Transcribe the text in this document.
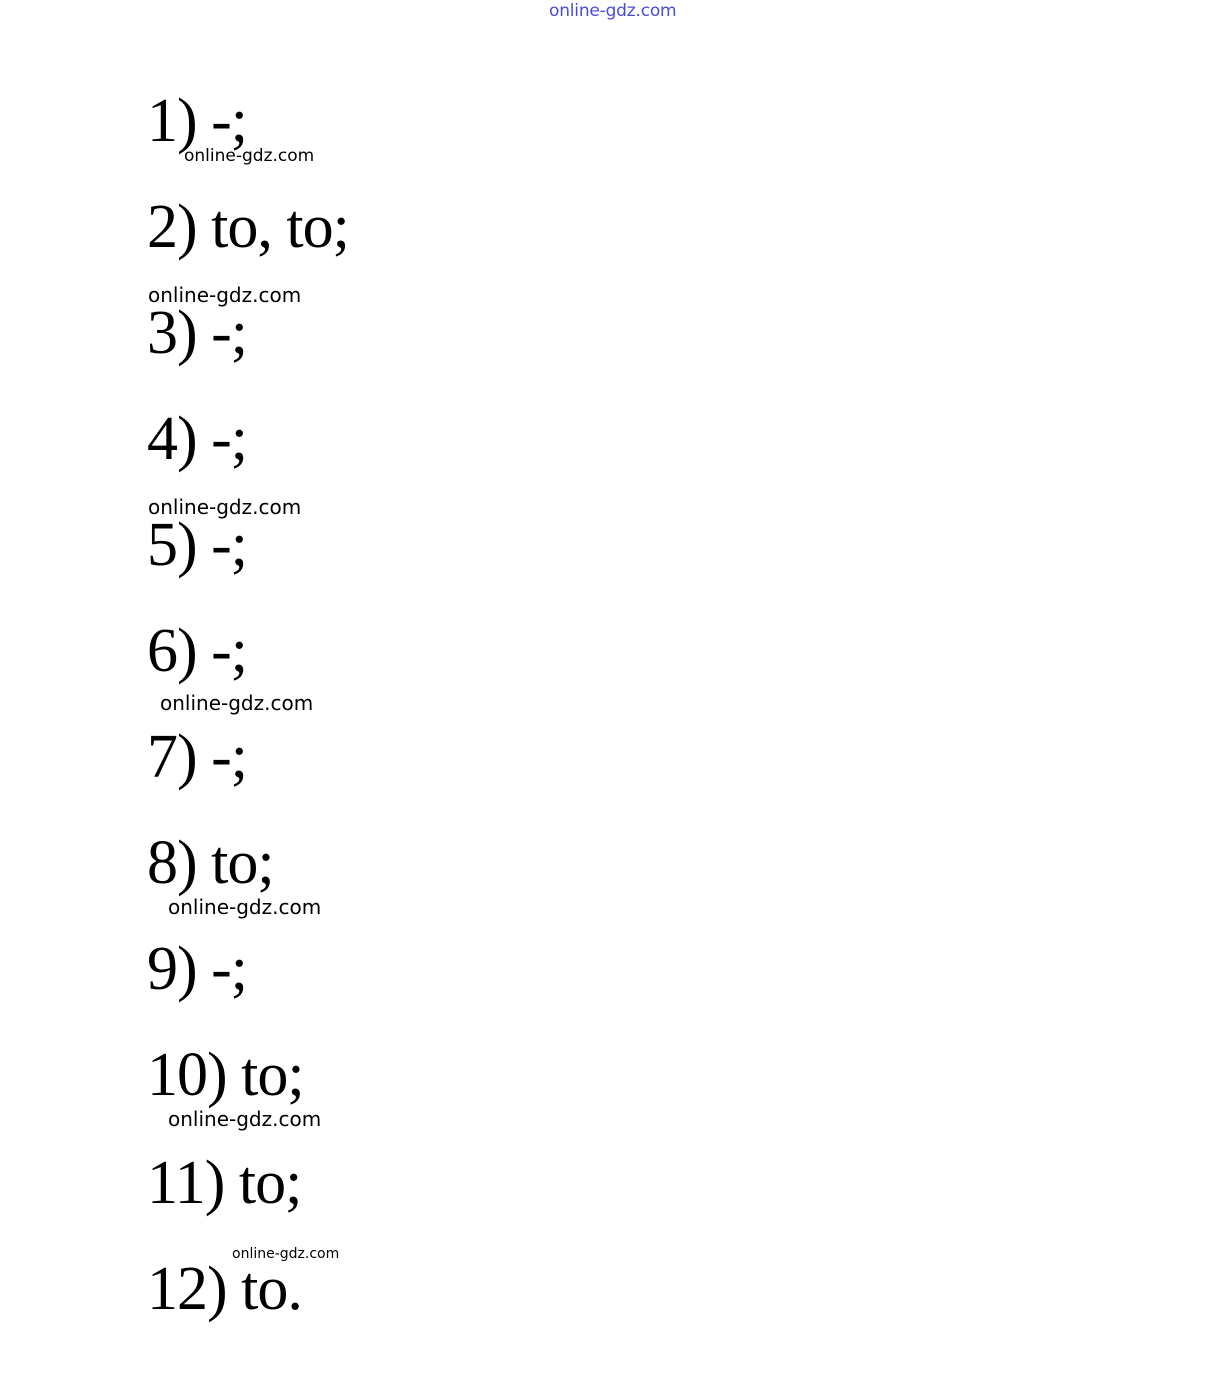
online-gdz.com
1) -;
online-gdz.com
2) to, to;
online-gdz.com
3) -;
4) -;
online-gdz.com
5) -;
6) -;
online-gdz.com
7) -;
8) to;
online-gdz.com
9) -;
10) to;
online-gdz.com
11) to;
online-gdz.com
12) to.
